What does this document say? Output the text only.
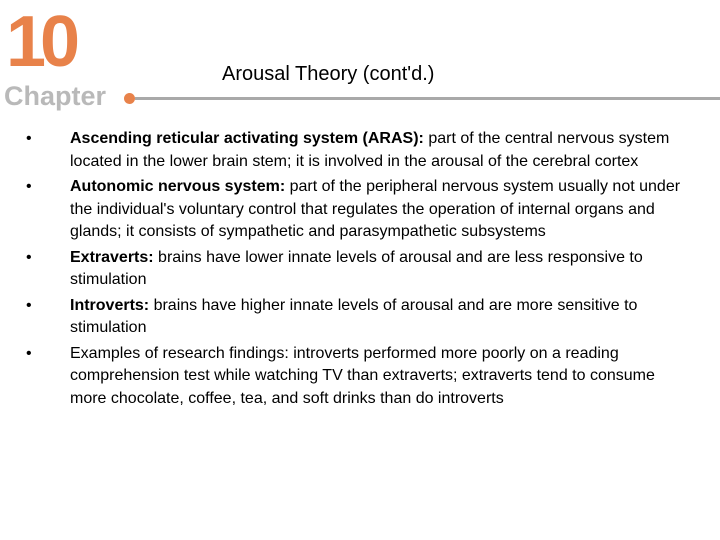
10
Chapter
Arousal Theory (cont'd.)
•	Ascending reticular activating system (ARAS): part of the central nervous system located in the lower brain stem; it is involved in the arousal of the cerebral cortex
•	Autonomic nervous system: part of the peripheral nervous system usually not under the individual's voluntary control that regulates the operation of internal organs and glands; it consists of sympathetic and parasympathetic subsystems
•	Extraverts: brains have lower innate levels of arousal and are less responsive to stimulation
•	Introverts: brains have higher innate levels of arousal and are more sensitive to stimulation
•	Examples of research findings: introverts performed more poorly on a reading comprehension test while watching TV than extraverts; extraverts tend to consume more chocolate, coffee, tea, and soft drinks than do introverts
